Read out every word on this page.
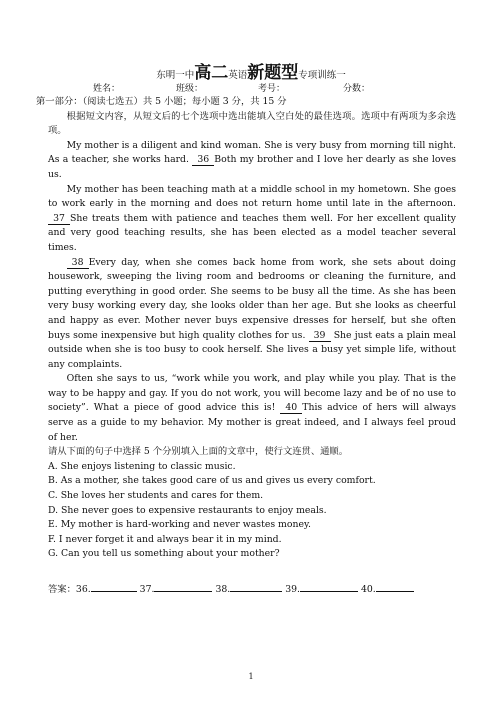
东明一中高二英语新题型专项训练一
姓名：	班级：	考号：	分数：

第一部分：（阅读七选五）共 5 小题；每小题 3 分，共 15 分

根据短文内容，从短文后的七个选项中选出能填入空白处的最佳选项。选项中有两项为多余选项。

My mother is a diligent and kind woman. She is very busy from morning till night. As a teacher, she works hard. 36 Both my brother and I love her dearly as she loves us.

My mother has been teaching math at a middle school in my hometown. She goes to work early in the morning and does not return home until late in the afternoon. 37 She treats them with patience and teaches them well. For her excellent quality and very good teaching results, she has been elected as a model teacher several times.

38 Every day, when she comes back home from work, she sets about doing housework, sweeping the living room and bedrooms or cleaning the furniture, and putting everything in good order. She seems to be busy all the time. As she has been very busy working every day, she looks older than her age. But she looks as cheerful and happy as ever. Mother never buys expensive dresses for herself, but she often buys some inexpensive but high quality clothes for us. 39 She just eats a plain meal outside when she is too busy to cook herself. She lives a busy yet simple life, without any complaints.

Often she says to us, “work while you work, and play while you play. That is the way to be happy and gay. If you do not work, you will become lazy and be of no use to society”. What a piece of good advice this is! 40 This advice of hers will always serve as a guide to my behavior. My mother is great indeed, and I always feel proud of her.

请从下面的句子中选择 5 个分别填入上面的文章中，使行文连贯、通顺。

A. She enjoys listening to classic music.

B. As a mother, she takes good care of us and gives us every comfort.

C. She loves her students and cares for them.

D. She never goes to expensive restaurants to enjoy meals.

E. My mother is hard-working and never wastes money.

F. I never forget it and always bear it in my mind.

G. Can you tell us something about your mother?

答案：36.	37.	38.	39.	40.
1
